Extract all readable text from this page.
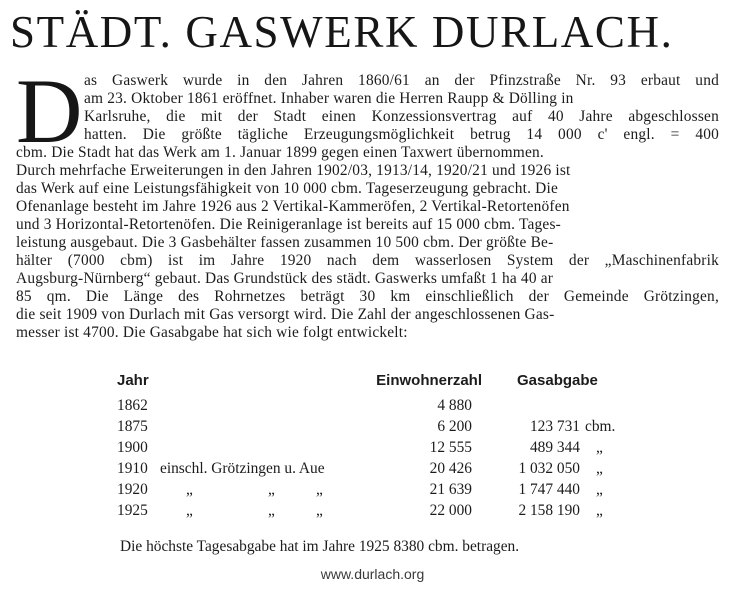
STÄDT. GASWERK DURLACH.
D as Gaswerk wurde in den Jahren 1860/61 an der Pfinzstraße Nr. 93 erbaut und
am 23. Oktober 1861 eröffnet. Inhaber waren die Herren Raupp & Dölling in
Karlsruhe, die mit der Stadt einen Konzessionsvertrag auf 40 Jahre abgeschlossen
hatten. Die größte tägliche Erzeugungsmöglichkeit betrug 14 000 c' engl. = 400
cbm. Die Stadt hat das Werk am 1. Januar 1899 gegen einen Taxwert übernommen.
Durch mehrfache Erweiterungen in den Jahren 1902/03, 1913/14, 1920/21 und 1926 ist
das Werk auf eine Leistungsfähigkeit von 10 000 cbm. Tageserzeugung gebracht. Die
Ofenanlage besteht im Jahre 1926 aus 2 Vertikal-Kammeröfen, 2 Vertikal-Retortenöfen
und 3 Horizontal-Retortenöfen. Die Reinigeranlage ist bereits auf 15 000 cbm. Tages-
leistung ausgebaut. Die 3 Gasbehälter fassen zusammen 10 500 cbm. Der größte Be-
hälter (7000 cbm) ist im Jahre 1920 nach dem wasserlosen System der „Maschinenfabrik
Augsburg-Nürnberg“ gebaut. Das Grundstück des städt. Gaswerks umfaßt 1 ha 40 ar
85 qm. Die Länge des Rohrnetzes beträgt 30 km einschließlich der Gemeinde Grötzingen,
die seit 1909 von Durlach mit Gas versorgt wird. Die Zahl der angeschlossenen Gas-
messer ist 4700. Die Gasabgabe hat sich wie folgt entwickelt:
Jahr	Einwohnerzahl Gasabgabe
1862	4 880
1875	6 200	123 731 cbm.
1900	12 555	489 344 „
1910 einschl. Grötzingen u. Aue	20 426	1 032 050 „
1920 „	„	„	21 639	1 747 440 „
1925 „	„	„	22 000	2 158 190 „
Die höchste Tagesabgabe hat im Jahre 1925 8380 cbm. betragen.
www.durlach.org
